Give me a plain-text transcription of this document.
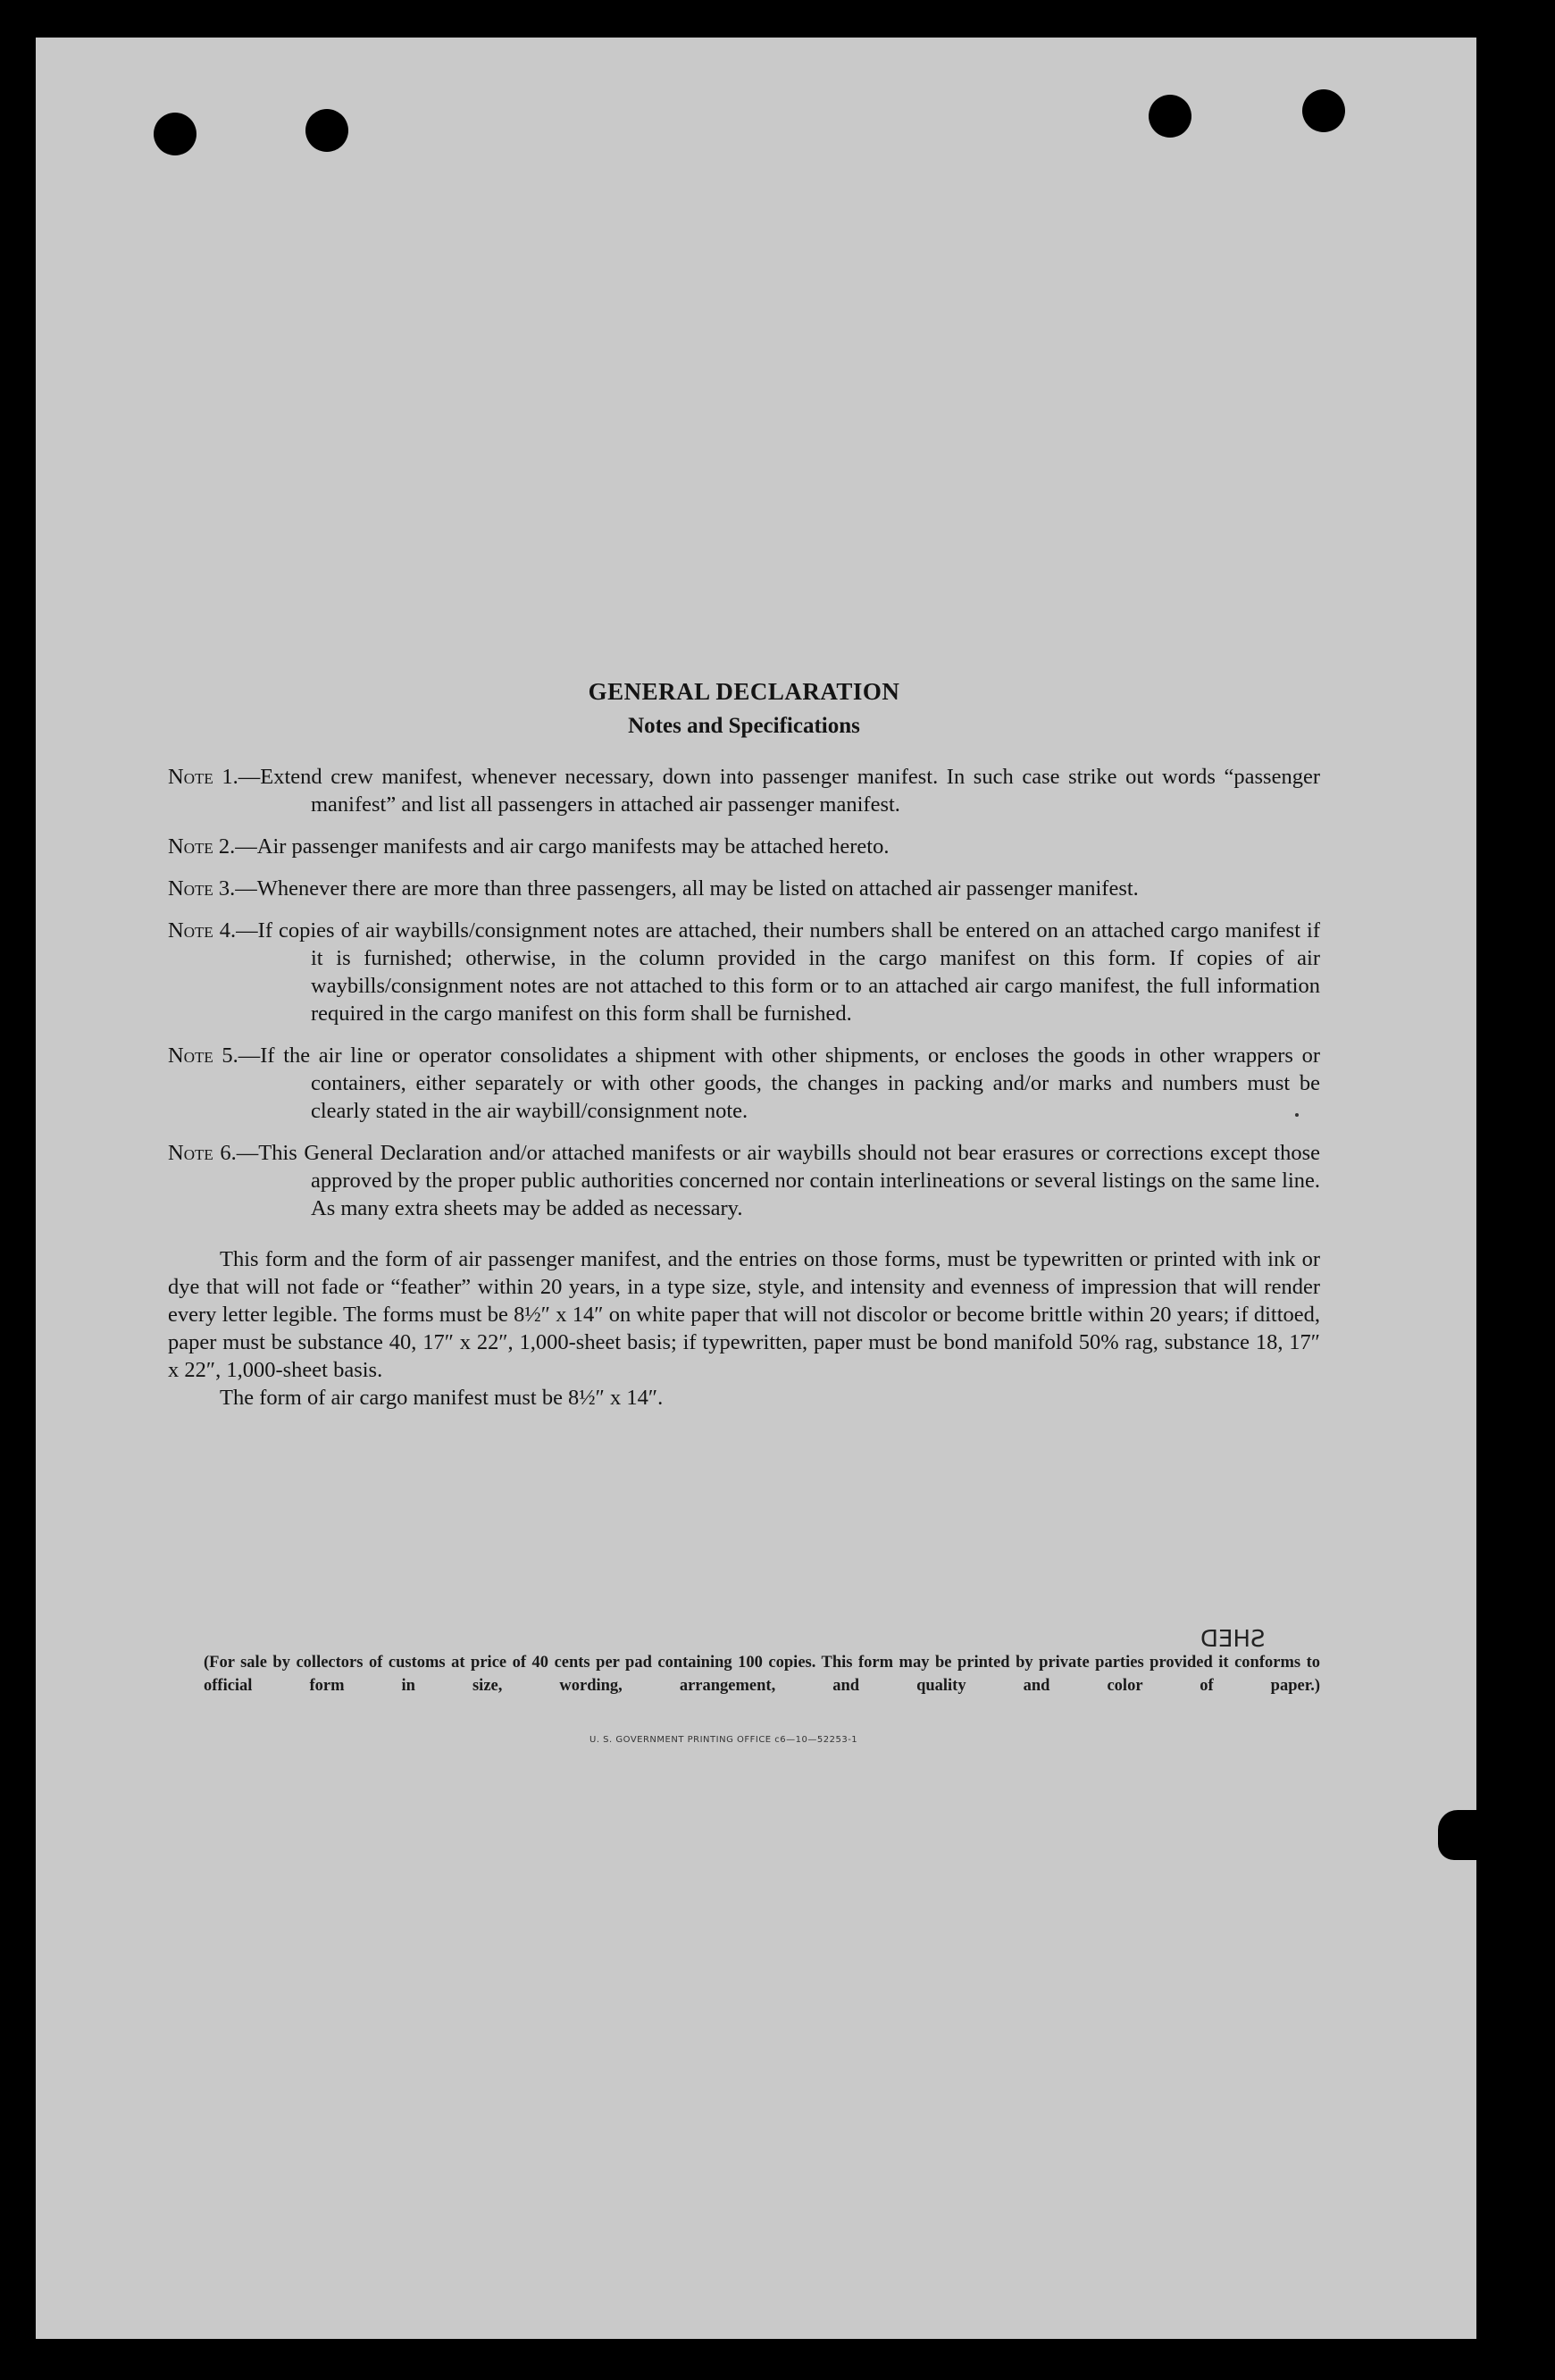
GENERAL DECLARATION

Notes and Specifications

Note 1.—Extend crew manifest, whenever necessary, down into passenger manifest. In such case strike out words “passenger manifest” and list all passengers in attached air passenger manifest.
Note 2.—Air passenger manifests and air cargo manifests may be attached hereto.
Note 3.—Whenever there are more than three passengers, all may be listed on attached air passenger manifest.
Note 4.—If copies of air waybills/consignment notes are attached, their numbers shall be entered on an attached cargo manifest if it is furnished; otherwise, in the column provided in the cargo manifest on this form. If copies of air waybills/consignment notes are not attached to this form or to an attached air cargo manifest, the full information required in the cargo manifest on this form shall be furnished.
Note 5.—If the air line or operator consolidates a shipment with other shipments, or encloses the goods in other wrappers or containers, either separately or with other goods, the changes in packing and/or marks and numbers must be clearly stated in the air waybill/consignment note.
Note 6.—This General Declaration and/or attached manifests or air waybills should not bear erasures or corrections except those approved by the proper public authorities concerned nor contain interlineations or several listings on the same line. As many extra sheets may be added as necessary.

This form and the form of air passenger manifest, and the entries on those forms, must be typewritten or printed with ink or dye that will not fade or “feather” within 20 years, in a type size, style, and intensity and evenness of impression that will render every letter legible. The forms must be 8½″ x 14″ on white paper that will not discolor or become brittle within 20 years; if dittoed, paper must be substance 40, 17″ x 22″, 1,000-sheet basis; if typewritten, paper must be bond manifold 50% rag, substance 18, 17″ x 22″, 1,000-sheet basis.

The form of air cargo manifest must be 8½″ x 14″.

SHED
(For sale by collectors of customs at price of 40 cents per pad containing 100 copies. This form may be printed by private parties provided it conforms to official form in size, wording, arrangement, and quality and color of paper.)
U. S. GOVERNMENT PRINTING OFFICE c6—10—52253-1
